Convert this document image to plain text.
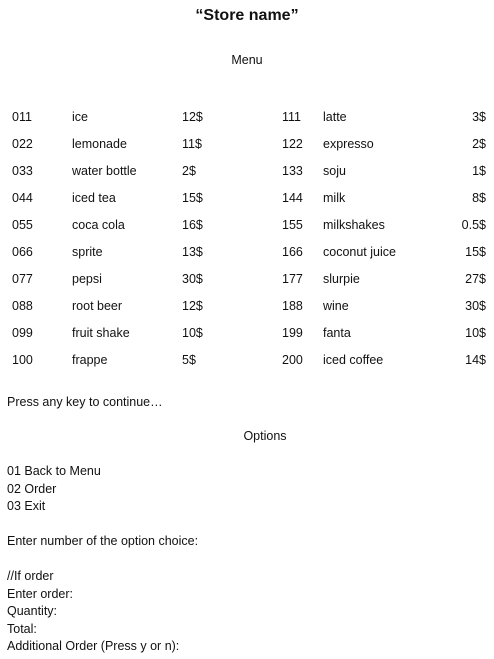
“Store name”
Menu
011	ice	12$	111 latte	3$
022	lemonade	11$	122 expresso	2$
033	water bottle	2$	133 soju	1$
044	iced tea	15$	144 milk	8$
055	coca cola	16$	155 milkshakes	0.5$
066	sprite	13$	166 coconut juice	15$
077	pepsi	30$	177 slurpie	27$
088	root beer	12$	188 wine	30$
099	fruit shake	10$	199 fanta	10$
100	frappe	5$	200 iced coffee	14$
Press any key to continue…
Options
01 Back to Menu
02 Order
03 Exit
Enter number of the option choice:
//If order
Enter order:
Quantity:
Total:
Additional Order (Press y or n):
